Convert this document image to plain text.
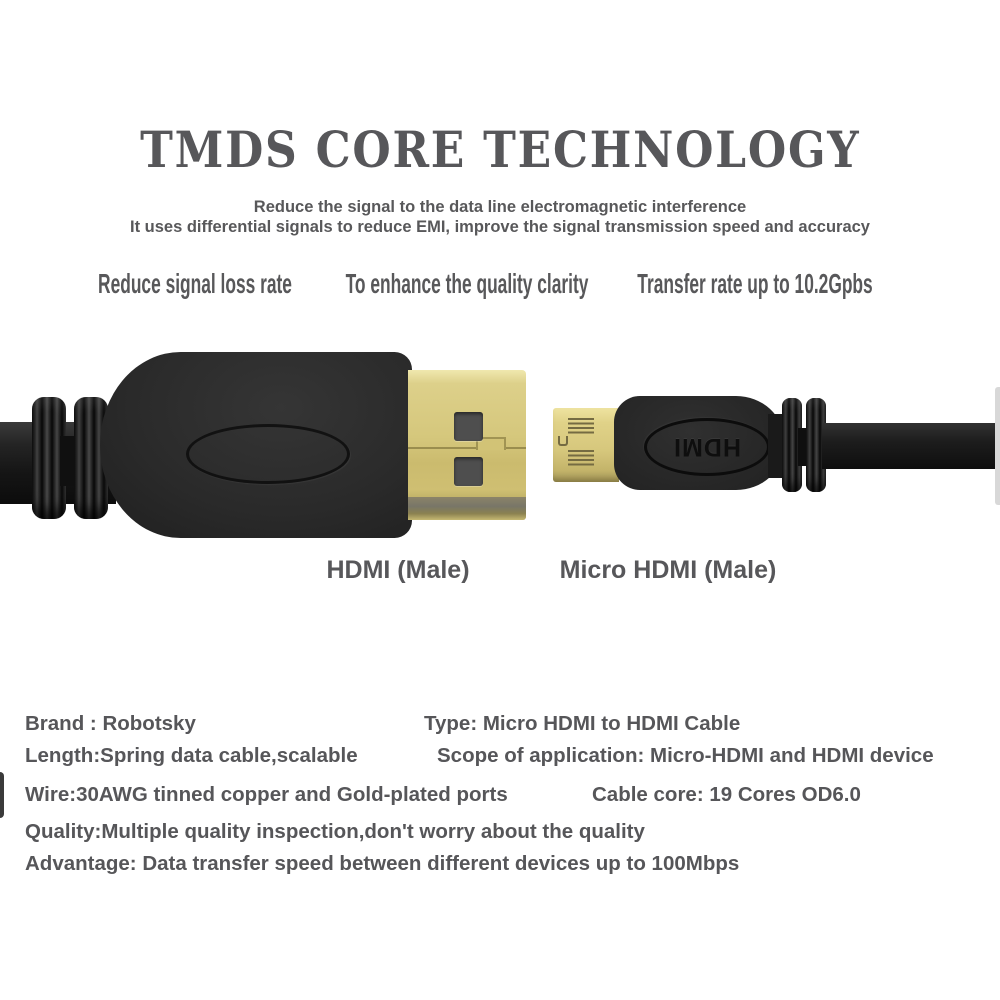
TMDS CORE TECHNOLOGY
Reduce the signal to the data line electromagnetic interference
It uses differential signals to reduce EMI, improve the signal transmission speed and accuracy
Reduce signal loss rate To enhance the quality clarity Transfer rate up to 10.2Gpbs
HDMI
HDMI (Male)	Micro HDMI (Male)
Brand : Robotsky	Type: Micro HDMI to HDMI Cable
Length:Spring data cable,scalable	Scope of application: Micro-HDMI and HDMI device
Wire:30AWG tinned copper and Gold-plated ports	Cable core: 19 Cores OD6.0
Quality:Multiple quality inspection,don't worry about the quality
Advantage: Data transfer speed between different devices up to 100Mbps
